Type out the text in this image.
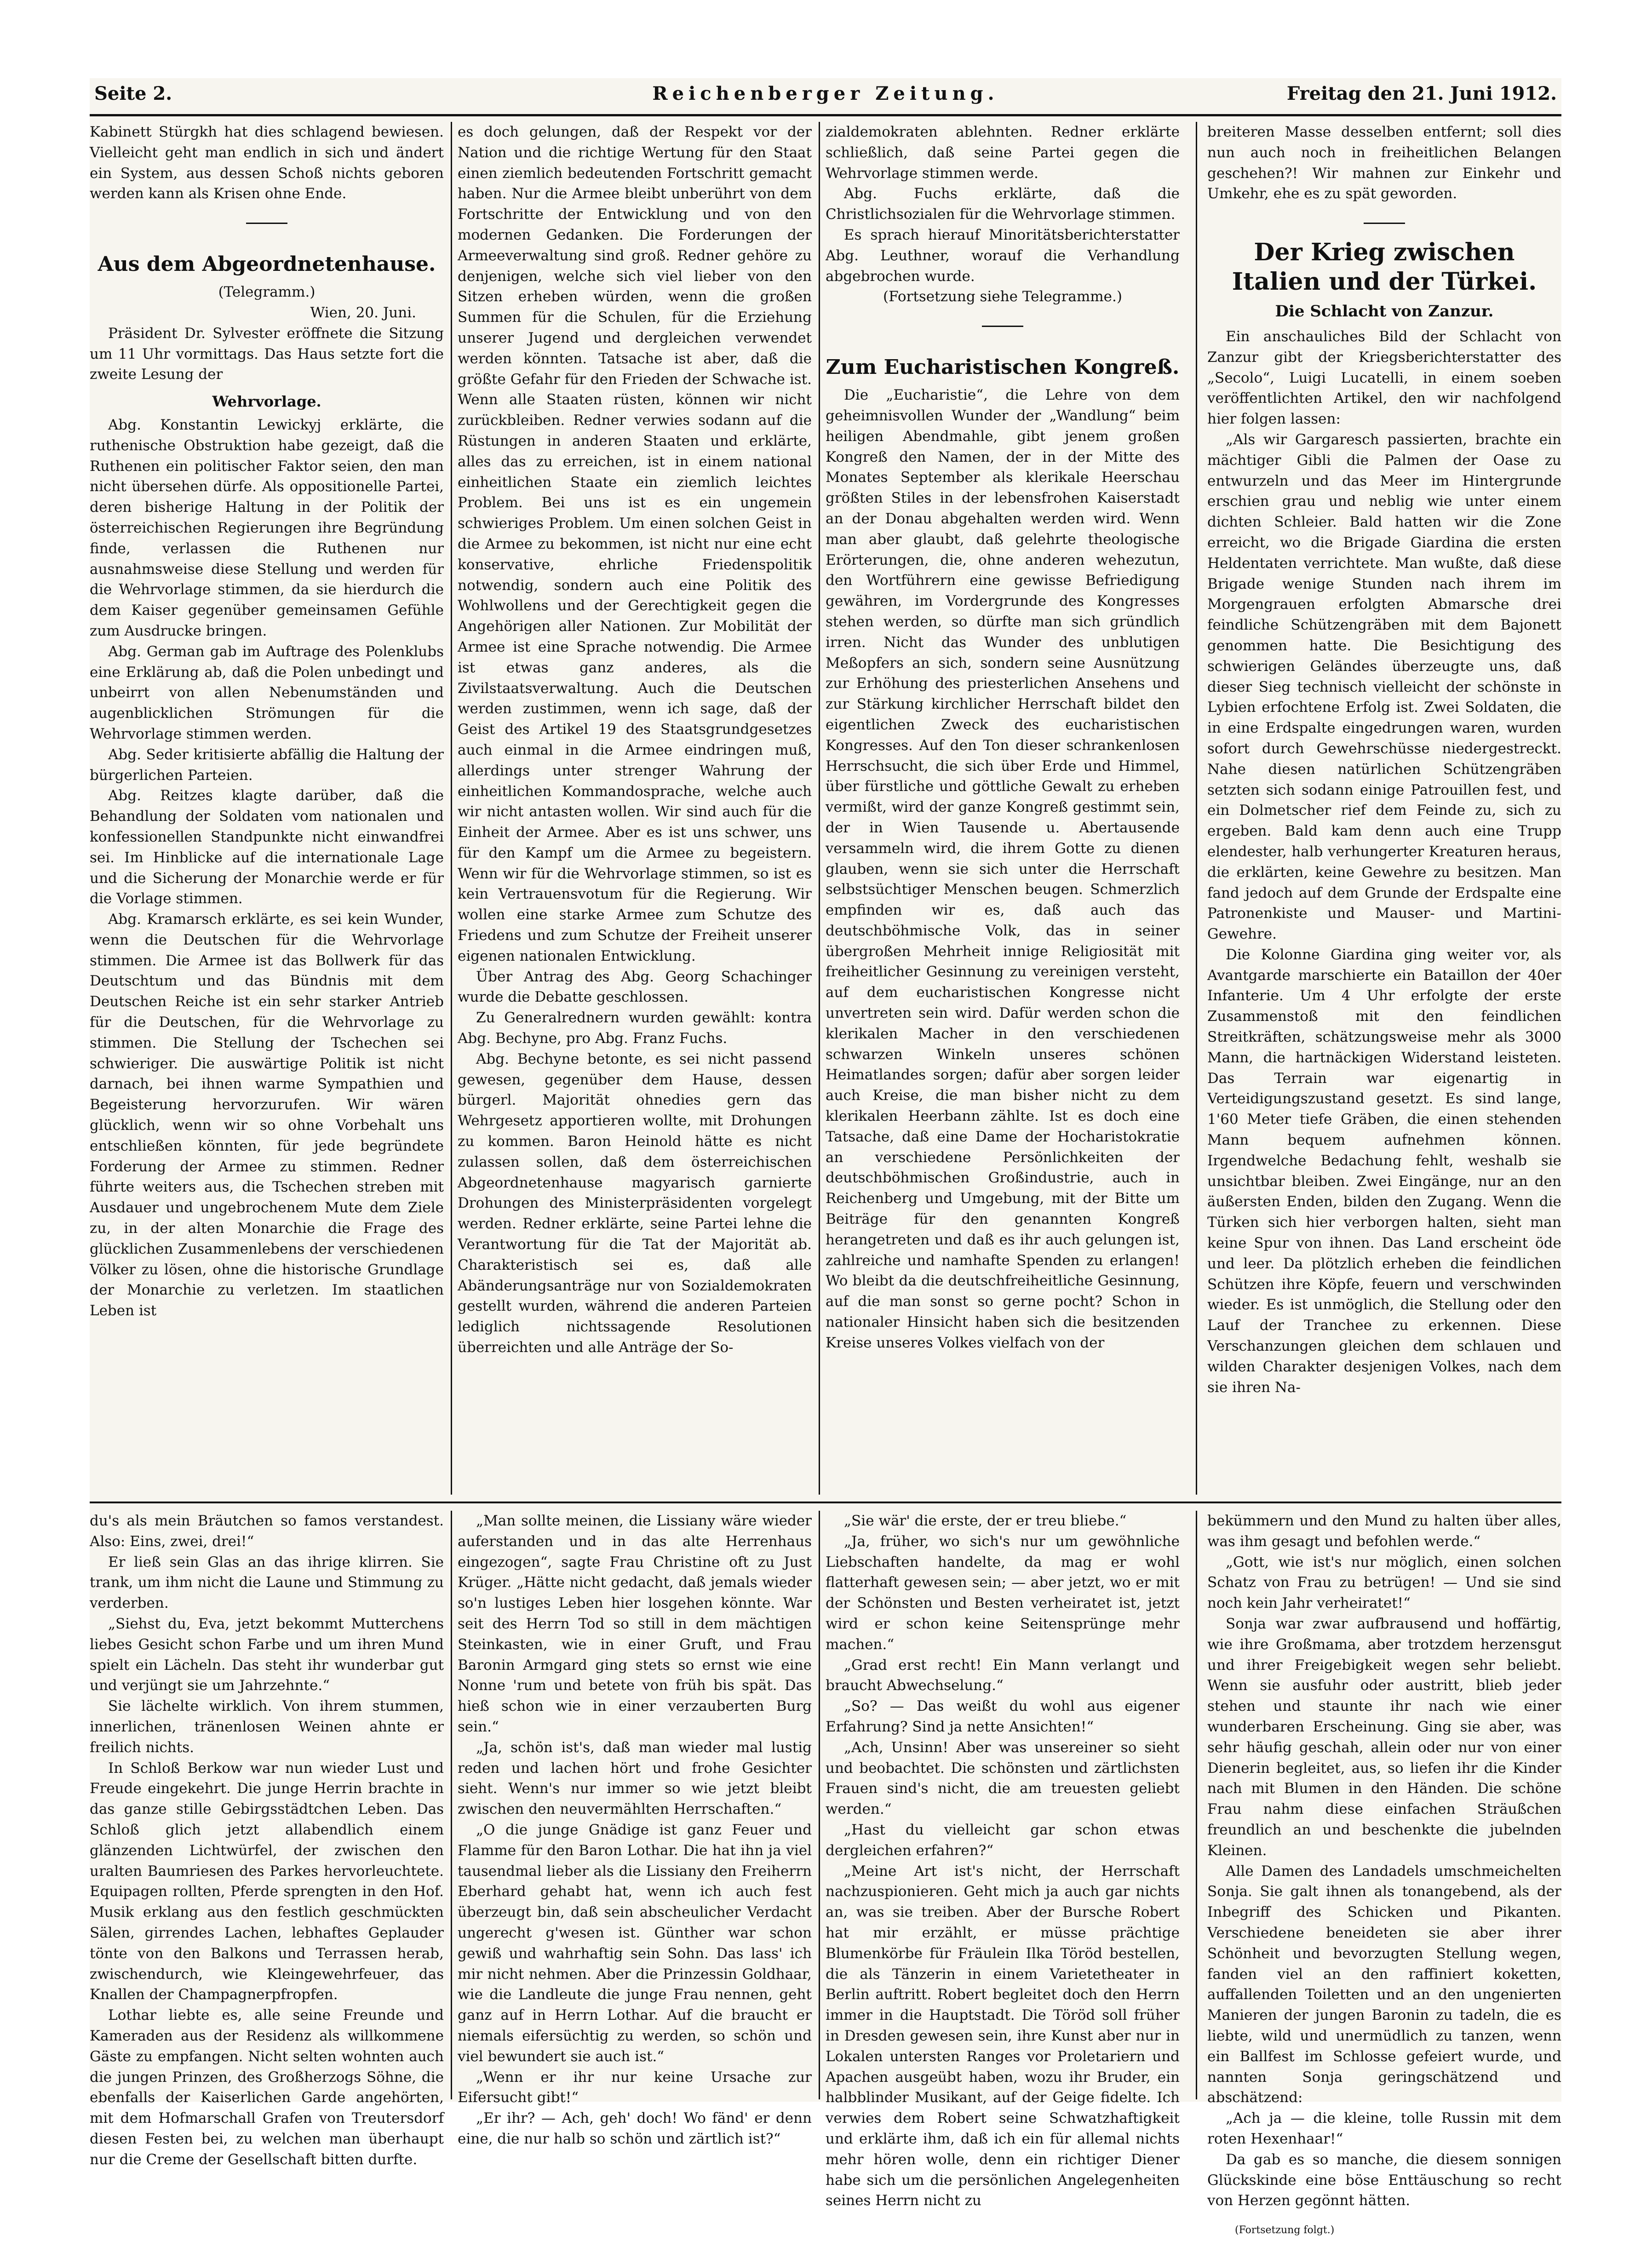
Seite 2.	Reichenberger Zeitung.	Freitag den 21. Juni 1912.

Kabinett Stürgkh hat dies schlagend bewiesen. Vielleicht geht man endlich in sich und ändert ein System, aus dessen Schoß nichts geboren werden kann als Krisen ohne Ende.

Aus dem Abgeordnetenhause.
(Telegramm.)
Wien, 20. Juni.

Präsident Dr. Sylvester eröffnete die Sitzung um 11 Uhr vormittags. Das Haus setzte fort die zweite Lesung der

Wehrvorlage.

Abg. Konstantin Lewickyj erklärte, die ruthenische Obstruktion habe gezeigt, daß die Ruthenen ein politischer Faktor seien, den man nicht übersehen dürfe. Als oppositionelle Partei, deren bisherige Haltung in der Politik der österreichischen Regierungen ihre Begründung finde, verlassen die Ruthenen nur ausnahmsweise diese Stellung und werden für die Wehrvorlage stimmen, da sie hierdurch die dem Kaiser gegenüber gemeinsamen Gefühle zum Ausdrucke bringen.

Abg. German gab im Auftrage des Polenklubs eine Erklärung ab, daß die Polen unbedingt und unbeirrt von allen Nebenumständen und augenblicklichen Strömungen für die Wehrvorlage stimmen werden.

Abg. Seder kritisierte abfällig die Haltung der bürgerlichen Parteien.

Abg. Reitzes klagte darüber, daß die Behandlung der Soldaten vom nationalen und konfessionellen Standpunkte nicht einwandfrei sei. Im Hinblicke auf die internationale Lage und die Sicherung der Monarchie werde er für die Vorlage stimmen.

Abg. Kramarsch erklärte, es sei kein Wunder, wenn die Deutschen für die Wehrvorlage stimmen. Die Armee ist das Bollwerk für das Deutschtum und das Bündnis mit dem Deutschen Reiche ist ein sehr starker Antrieb für die Deutschen, für die Wehrvorlage zu stimmen. Die Stellung der Tschechen sei schwieriger. Die auswärtige Politik ist nicht darnach, bei ihnen warme Sympathien und Begeisterung hervorzurufen. Wir wären glücklich, wenn wir so ohne Vorbehalt uns entschließen könnten, für jede begründete Forderung der Armee zu stimmen. Redner führte weiters aus, die Tschechen streben mit Ausdauer und ungebrochenem Mute dem Ziele zu, in der alten Monarchie die Frage des glücklichen Zusammenlebens der verschiedenen Völker zu lösen, ohne die historische Grundlage der Monarchie zu verletzen. Im staatlichen Leben ist

es doch gelungen, daß der Respekt vor der Nation und die richtige Wertung für den Staat einen ziemlich bedeutenden Fortschritt gemacht haben. Nur die Armee bleibt unberührt von dem Fortschritte der Entwicklung und von den modernen Gedanken. Die Forderungen der Armeeverwaltung sind groß. Redner gehöre zu denjenigen, welche sich viel lieber von den Sitzen erheben würden, wenn die großen Summen für die Schulen, für die Erziehung unserer Jugend und dergleichen verwendet werden könnten. Tatsache ist aber, daß die größte Gefahr für den Frieden der Schwache ist. Wenn alle Staaten rüsten, können wir nicht zurückbleiben. Redner verwies sodann auf die Rüstungen in anderen Staaten und erklärte, alles das zu erreichen, ist in einem national einheitlichen Staate ein ziemlich leichtes Problem. Bei uns ist es ein ungemein schwieriges Problem. Um einen solchen Geist in die Armee zu bekommen, ist nicht nur eine echt konservative, ehrliche Friedenspolitik notwendig, sondern auch eine Politik des Wohlwollens und der Gerechtigkeit gegen die Angehörigen aller Nationen. Zur Mobilität der Armee ist eine Sprache notwendig. Die Armee ist etwas ganz anderes, als die Zivilstaatsverwaltung. Auch die Deutschen werden zustimmen, wenn ich sage, daß der Geist des Artikel 19 des Staatsgrundgesetzes auch einmal in die Armee eindringen muß, allerdings unter strenger Wahrung der einheitlichen Kommandosprache, welche auch wir nicht antasten wollen. Wir sind auch für die Einheit der Armee. Aber es ist uns schwer, uns für den Kampf um die Armee zu begeistern. Wenn wir für die Wehrvorlage stimmen, so ist es kein Vertrauensvotum für die Regierung. Wir wollen eine starke Armee zum Schutze des Friedens und zum Schutze der Freiheit unserer eigenen nationalen Entwicklung.

Über Antrag des Abg. Georg Schachinger wurde die Debatte geschlossen.

Zu Generalrednern wurden gewählt: kontra Abg. Bechyne, pro Abg. Franz Fuchs.

Abg. Bechyne betonte, es sei nicht passend gewesen, gegenüber dem Hause, dessen bürgerl. Majorität ohnedies gern das Wehrgesetz apportieren wollte, mit Drohungen zu kommen. Baron Heinold hätte es nicht zulassen sollen, daß dem österreichischen Abgeordnetenhause magyarisch garnierte Drohungen des Ministerpräsidenten vorgelegt werden. Redner erklärte, seine Partei lehne die Verantwortung für die Tat der Majorität ab. Charakteristisch sei es, daß alle Abänderungsanträge nur von Sozialdemokraten gestellt wurden, während die anderen Parteien lediglich nichtssagende Resolutionen überreichten und alle Anträge der So-

zialdemokraten ablehnten. Redner erklärte schließlich, daß seine Partei gegen die Wehrvorlage stimmen werde.

Abg. Fuchs erklärte, daß die Christlichsozialen für die Wehrvorlage stimmen.

Es sprach hierauf Minoritätsberichterstatter Abg. Leuthner, worauf die Verhandlung abgebrochen wurde.

(Fortsetzung siehe Telegramme.)

Zum Eucharistischen Kongreß.

Die „Eucharistie“, die Lehre von dem geheimnisvollen Wunder der „Wandlung“ beim heiligen Abendmahle, gibt jenem großen Kongreß den Namen, der in der Mitte des Monates September als klerikale Heerschau größten Stiles in der lebensfrohen Kaiserstadt an der Donau abgehalten werden wird. Wenn man aber glaubt, daß gelehrte theologische Erörterungen, die, ohne anderen wehezutun, den Wortführern eine gewisse Befriedigung gewähren, im Vordergrunde des Kongresses stehen werden, so dürfte man sich gründlich irren. Nicht das Wunder des unblutigen Meßopfers an sich, sondern seine Ausnützung zur Erhöhung des priesterlichen Ansehens und zur Stärkung kirchlicher Herrschaft bildet den eigentlichen Zweck des eucharistischen Kongresses. Auf den Ton dieser schrankenlosen Herrschsucht, die sich über Erde und Himmel, über fürstliche und göttliche Gewalt zu erheben vermißt, wird der ganze Kongreß gestimmt sein, der in Wien Tausende u. Abertausende versammeln wird, die ihrem Gotte zu dienen glauben, wenn sie sich unter die Herrschaft selbstsüchtiger Menschen beugen. Schmerzlich empfinden wir es, daß auch das deutschböhmische Volk, das in seiner übergroßen Mehrheit innige Religiosität mit freiheitlicher Gesinnung zu vereinigen versteht, auf dem eucharistischen Kongresse nicht unvertreten sein wird. Dafür werden schon die klerikalen Macher in den verschiedenen schwarzen Winkeln unseres schönen Heimatlandes sorgen; dafür aber sorgen leider auch Kreise, die man bisher nicht zu dem klerikalen Heerbann zählte. Ist es doch eine Tatsache, daß eine Dame der Hocharistokratie an verschiedene Persönlichkeiten der deutschböhmischen Großindustrie, auch in Reichenberg und Umgebung, mit der Bitte um Beiträge für den genannten Kongreß herangetreten und daß es ihr auch gelungen ist, zahlreiche und namhafte Spenden zu erlangen! Wo bleibt da die deutschfreiheitliche Gesinnung, auf die man sonst so gerne pocht? Schon in nationaler Hinsicht haben sich die besitzenden Kreise unseres Volkes vielfach von der

breiteren Masse desselben entfernt; soll dies nun auch noch in freiheitlichen Belangen geschehen?! Wir mahnen zur Einkehr und Umkehr, ehe es zu spät geworden.

Der Krieg zwischen Italien und der Türkei.
Die Schlacht von Zanzur.

Ein anschauliches Bild der Schlacht von Zanzur gibt der Kriegsberichterstatter des „Secolo“, Luigi Lucatelli, in einem soeben veröffentlichten Artikel, den wir nachfolgend hier folgen lassen:

„Als wir Gargaresch passierten, brachte ein mächtiger Gibli die Palmen der Oase zu entwurzeln und das Meer im Hintergrunde erschien grau und neblig wie unter einem dichten Schleier. Bald hatten wir die Zone erreicht, wo die Brigade Giardina die ersten Heldentaten verrichtete. Man wußte, daß diese Brigade wenige Stunden nach ihrem im Morgengrauen erfolgten Abmarsche drei feindliche Schützengräben mit dem Bajonett genommen hatte. Die Besichtigung des schwierigen Geländes überzeugte uns, daß dieser Sieg technisch vielleicht der schönste in Lybien erfochtene Erfolg ist. Zwei Soldaten, die in eine Erdspalte eingedrungen waren, wurden sofort durch Gewehrschüsse niedergestreckt. Nahe diesen natürlichen Schützengräben setzten sich sodann einige Patrouillen fest, und ein Dolmetscher rief dem Feinde zu, sich zu ergeben. Bald kam denn auch eine Trupp elendester, halb verhungerter Kreaturen heraus, die erklärten, keine Gewehre zu besitzen. Man fand jedoch auf dem Grunde der Erdspalte eine Patronenkiste und Mauser- und Martini-Gewehre.

Die Kolonne Giardina ging weiter vor, als Avantgarde marschierte ein Bataillon der 40er Infanterie. Um 4 Uhr erfolgte der erste Zusammenstoß mit den feindlichen Streitkräften, schätzungsweise mehr als 3000 Mann, die hartnäckigen Widerstand leisteten. Das Terrain war eigenartig in Verteidigungszustand gesetzt. Es sind lange, 1'60 Meter tiefe Gräben, die einen stehenden Mann bequem aufnehmen können. Irgendwelche Bedachung fehlt, weshalb sie unsichtbar bleiben. Zwei Eingänge, nur an den äußersten Enden, bilden den Zugang. Wenn die Türken sich hier verborgen halten, sieht man keine Spur von ihnen. Das Land erscheint öde und leer. Da plötzlich erheben die feindlichen Schützen ihre Köpfe, feuern und verschwinden wieder. Es ist unmöglich, die Stellung oder den Lauf der Tranchee zu erkennen. Diese Verschanzungen gleichen dem schlauen und wilden Charakter desjenigen Volkes, nach dem sie ihren Na-

du's als mein Bräutchen so famos verstandest. Also: Eins, zwei, drei!“

Er ließ sein Glas an das ihrige klirren. Sie trank, um ihm nicht die Laune und Stimmung zu verderben.

„Siehst du, Eva, jetzt bekommt Mutterchens liebes Gesicht schon Farbe und um ihren Mund spielt ein Lächeln. Das steht ihr wunderbar gut und verjüngt sie um Jahrzehnte.“

Sie lächelte wirklich. Von ihrem stummen, innerlichen, tränenlosen Weinen ahnte er freilich nichts.

In Schloß Berkow war nun wieder Lust und Freude eingekehrt. Die junge Herrin brachte in das ganze stille Gebirgsstädtchen Leben. Das Schloß glich jetzt allabendlich einem glänzenden Lichtwürfel, der zwischen den uralten Baumriesen des Parkes hervorleuchtete. Equipagen rollten, Pferde sprengten in den Hof. Musik erklang aus den festlich geschmückten Sälen, girrendes Lachen, lebhaftes Geplauder tönte von den Balkons und Terrassen herab, zwischendurch, wie Kleingewehrfeuer, das Knallen der Champagnerpfropfen.

Lothar liebte es, alle seine Freunde und Kameraden aus der Residenz als willkommene Gäste zu empfangen. Nicht selten wohnten auch die jungen Prinzen, des Großherzogs Söhne, die ebenfalls der Kaiserlichen Garde angehörten, mit dem Hofmarschall Grafen von Treutersdorf diesen Festen bei, zu welchen man überhaupt nur die Creme der Gesellschaft bitten durfte.

„Man sollte meinen, die Lissiany wäre wieder auferstanden und in das alte Herrenhaus eingezogen“, sagte Frau Christine oft zu Just Krüger. „Hätte nicht gedacht, daß jemals wieder so'n lustiges Leben hier losgehen könnte. War seit des Herrn Tod so still in dem mächtigen Steinkasten, wie in einer Gruft, und Frau Baronin Armgard ging stets so ernst wie eine Nonne 'rum und betete von früh bis spät. Das hieß schon wie in einer verzauberten Burg sein.“

„Ja, schön ist's, daß man wieder mal lustig reden und lachen hört und frohe Gesichter sieht. Wenn's nur immer so wie jetzt bleibt zwischen den neuvermählten Herrschaften.“

„O die junge Gnädige ist ganz Feuer und Flamme für den Baron Lothar. Die hat ihn ja viel tausendmal lieber als die Lissiany den Freiherrn Eberhard gehabt hat, wenn ich auch fest überzeugt bin, daß sein abscheulicher Verdacht ungerecht g'wesen ist. Günther war schon gewiß und wahrhaftig sein Sohn. Das lass' ich mir nicht nehmen. Aber die Prinzessin Goldhaar, wie die Landleute die junge Frau nennen, geht ganz auf in Herrn Lothar. Auf die braucht er niemals eifersüchtig zu werden, so schön und viel bewundert sie auch ist.“

„Wenn er ihr nur keine Ursache zur Eifersucht gibt!“

„Er ihr? — Ach, geh' doch! Wo fänd' er denn eine, die nur halb so schön und zärtlich ist?“

„Sie wär' die erste, der er treu bliebe.“

„Ja, früher, wo sich's nur um gewöhnliche Liebschaften handelte, da mag er wohl flatterhaft gewesen sein; — aber jetzt, wo er mit der Schönsten und Besten verheiratet ist, jetzt wird er schon keine Seitensprünge mehr machen.“

„Grad erst recht! Ein Mann verlangt und braucht Abwechselung.“

„So? — Das weißt du wohl aus eigener Erfahrung? Sind ja nette Ansichten!“

„Ach, Unsinn! Aber was unsereiner so sieht und beobachtet. Die schönsten und zärtlichsten Frauen sind's nicht, die am treuesten geliebt werden.“

„Hast du vielleicht gar schon etwas dergleichen erfahren?“

„Meine Art ist's nicht, der Herrschaft nachzuspionieren. Geht mich ja auch gar nichts an, was sie treiben. Aber der Bursche Robert hat mir erzählt, er müsse prächtige Blumenkörbe für Fräulein Ilka Töröd bestellen, die als Tänzerin in einem Varietetheater in Berlin auftritt. Robert begleitet doch den Herrn immer in die Hauptstadt. Die Töröd soll früher in Dresden gewesen sein, ihre Kunst aber nur in Lokalen untersten Ranges vor Proletariern und Apachen ausgeübt haben, wozu ihr Bruder, ein halbblinder Musikant, auf der Geige fidelte. Ich verwies dem Robert seine Schwatzhaftigkeit und erklärte ihm, daß ich ein für allemal nichts mehr hören wolle, denn ein richtiger Diener habe sich um die persönlichen Angelegenheiten seines Herrn nicht zu

bekümmern und den Mund zu halten über alles, was ihm gesagt und befohlen werde.“

„Gott, wie ist's nur möglich, einen solchen Schatz von Frau zu betrügen! — Und sie sind noch kein Jahr verheiratet!“

Sonja war zwar aufbrausend und hoffärtig, wie ihre Großmama, aber trotzdem herzensgut und ihrer Freigebigkeit wegen sehr beliebt. Wenn sie ausfuhr oder austritt, blieb jeder stehen und staunte ihr nach wie einer wunderbaren Erscheinung. Ging sie aber, was sehr häufig geschah, allein oder nur von einer Dienerin begleitet, aus, so liefen ihr die Kinder nach mit Blumen in den Händen. Die schöne Frau nahm diese einfachen Sträußchen freundlich an und beschenkte die jubelnden Kleinen.

Alle Damen des Landadels umschmeichelten Sonja. Sie galt ihnen als tonangebend, als der Inbegriff des Schicken und Pikanten. Verschiedene beneideten sie aber ihrer Schönheit und bevorzugten Stellung wegen, fanden viel an den raffiniert koketten, auffallenden Toiletten und an den ungenierten Manieren der jungen Baronin zu tadeln, die es liebte, wild und unermüdlich zu tanzen, wenn ein Ballfest im Schlosse gefeiert wurde, und nannten Sonja geringschätzend und abschätzend:

„Ach ja — die kleine, tolle Russin mit dem roten Hexenhaar!“

Da gab es so manche, die diesem sonnigen Glückskinde eine böse Enttäuschung so recht von Herzen gegönnt hätten.

(Fortsetzung folgt.)
